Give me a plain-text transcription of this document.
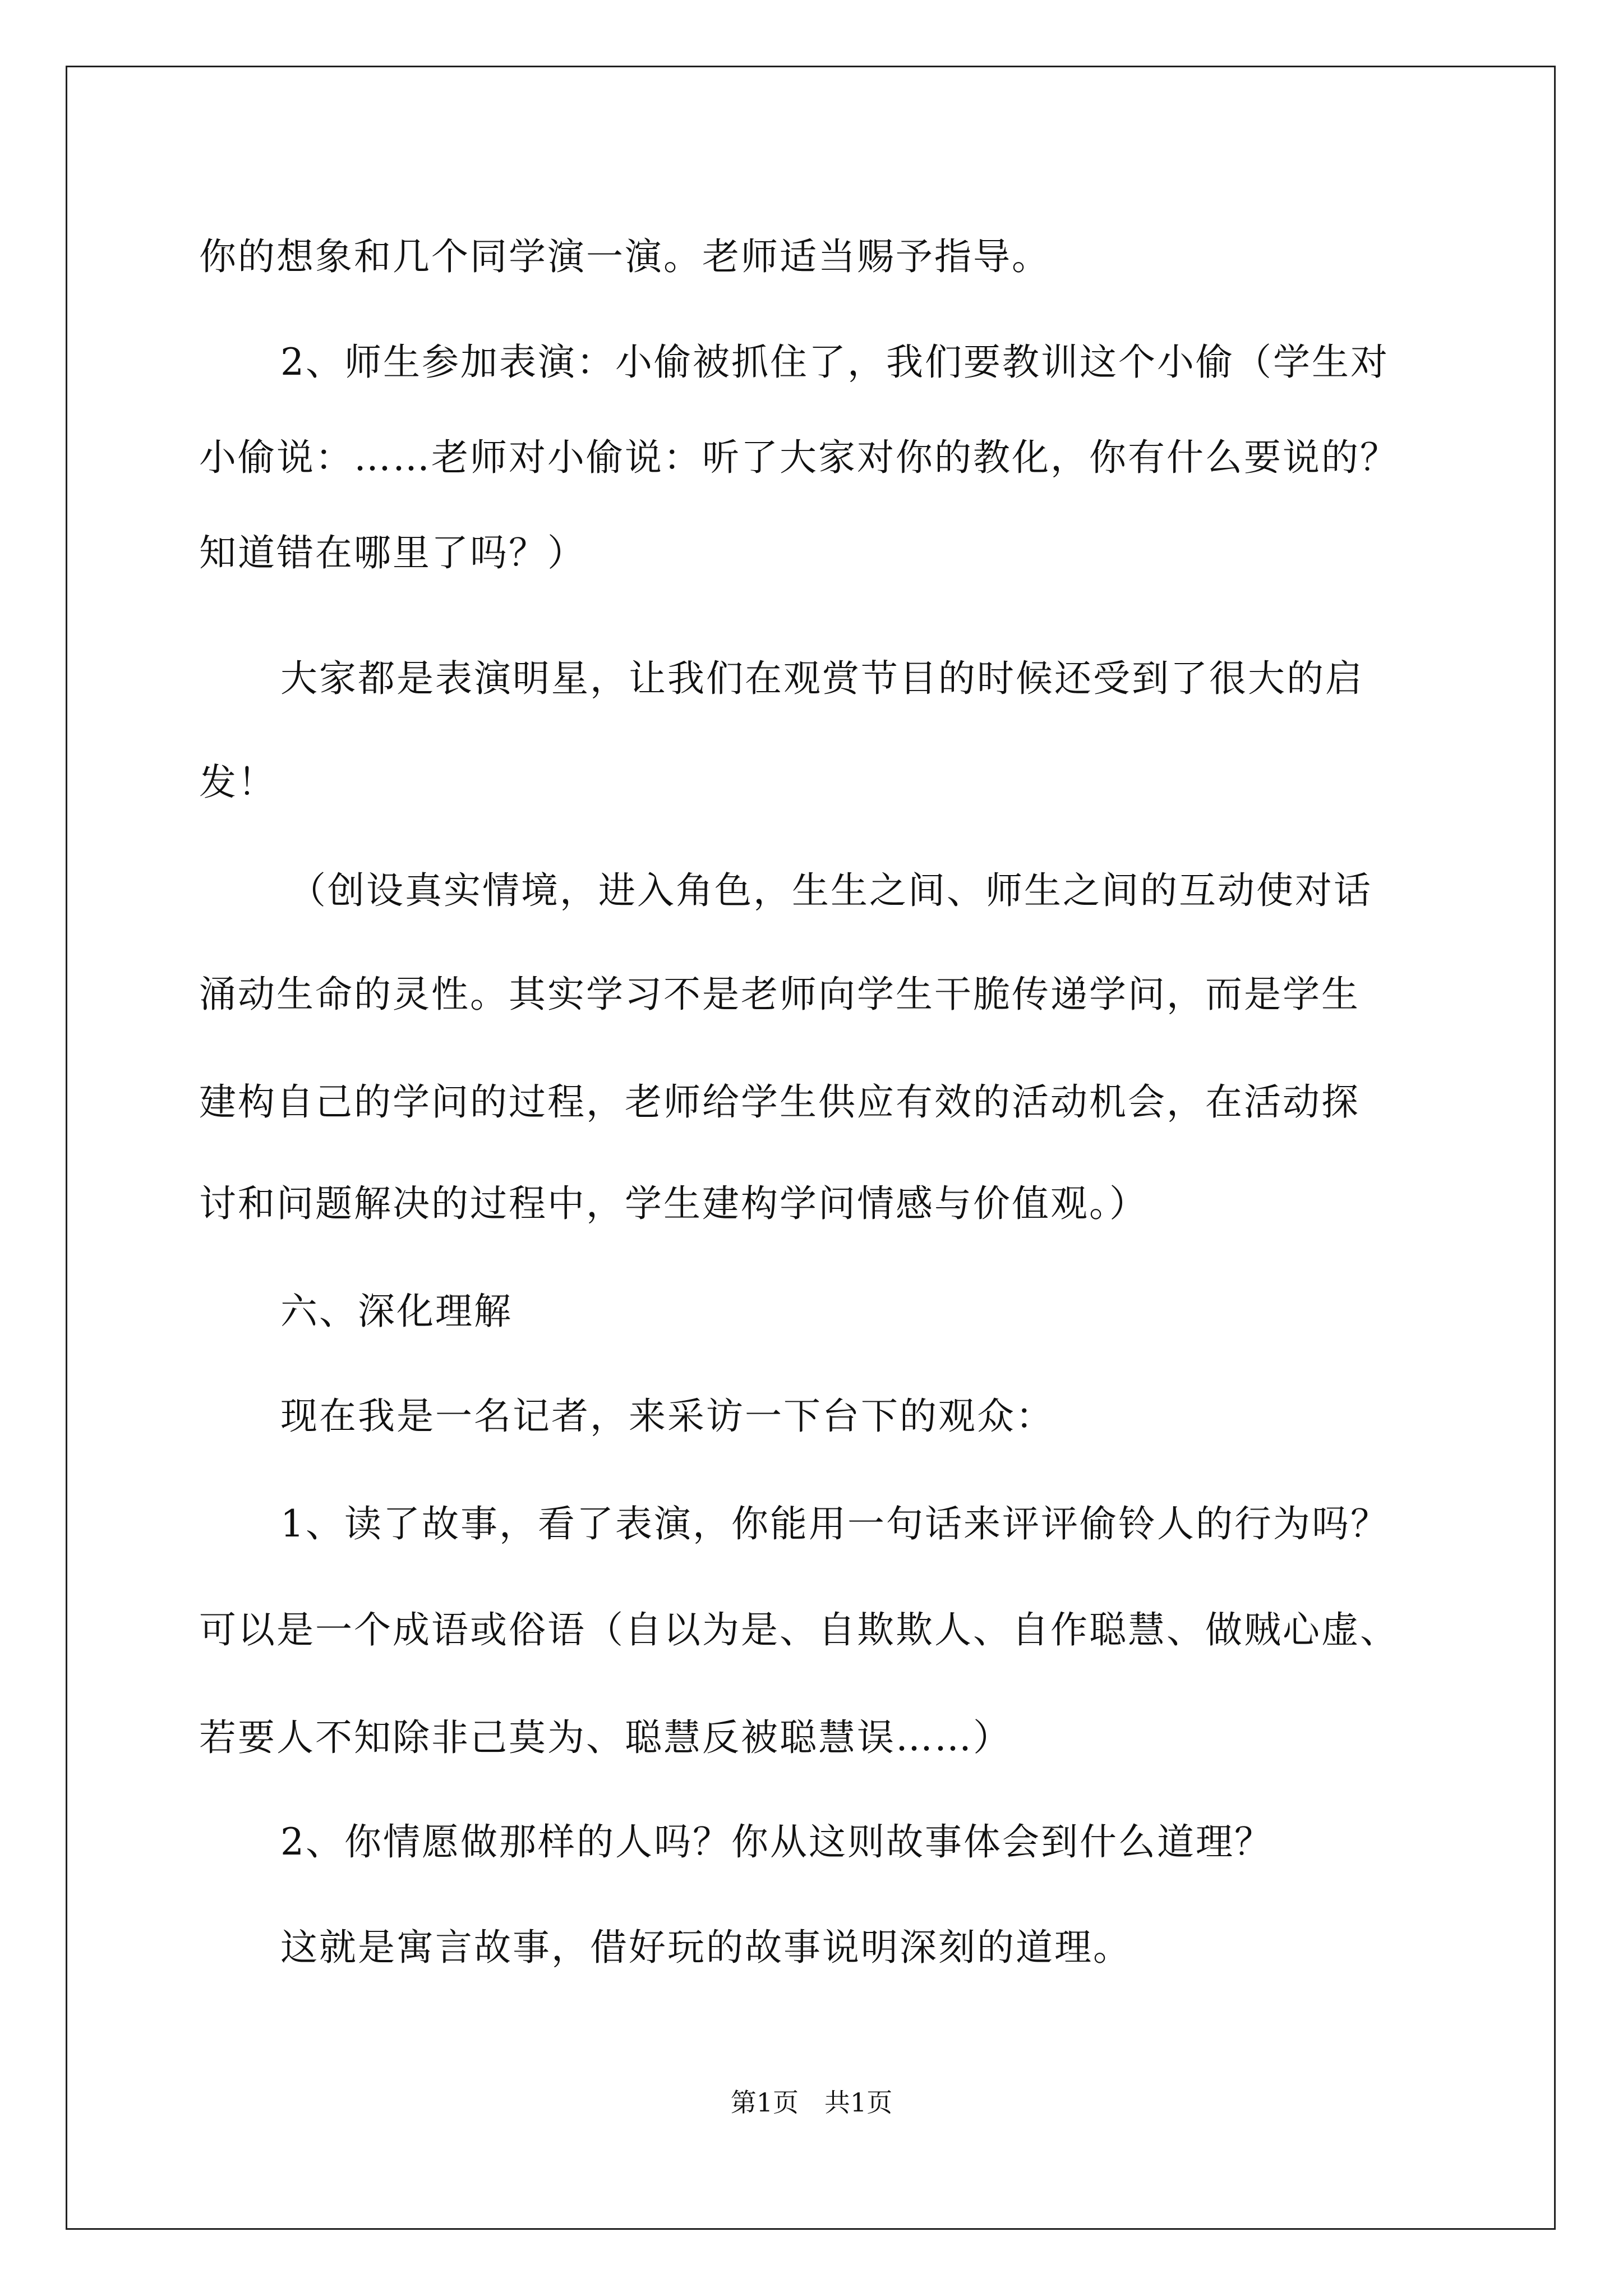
你的想象和几个同学演一演。老师适当赐予指导。
2、师生参加表演：小偷被抓住了，我们要教训这个小偷（学生对
小偷说：……老师对小偷说：听了大家对你的教化，你有什么要说的？
知道错在哪里了吗？）
大家都是表演明星，让我们在观赏节目的时候还受到了很大的启
发！
（创设真实情境，进入角色，生生之间、师生之间的互动使对话
涌动生命的灵性。其实学习不是老师向学生干脆传递学问，而是学生
建构自己的学问的过程，老师给学生供应有效的活动机会，在活动探
讨和问题解决的过程中，学生建构学问情感与价值观。）
六、深化理解
现在我是一名记者，来采访一下台下的观众：
1、读了故事，看了表演，你能用一句话来评评偷铃人的行为吗？
可以是一个成语或俗语（自以为是、自欺欺人、自作聪慧、做贼心虚、
若要人不知除非己莫为、聪慧反被聪慧误……）
2、你情愿做那样的人吗？你从这则故事体会到什么道理？
这就是寓言故事，借好玩的故事说明深刻的道理。
第1页 共1页
